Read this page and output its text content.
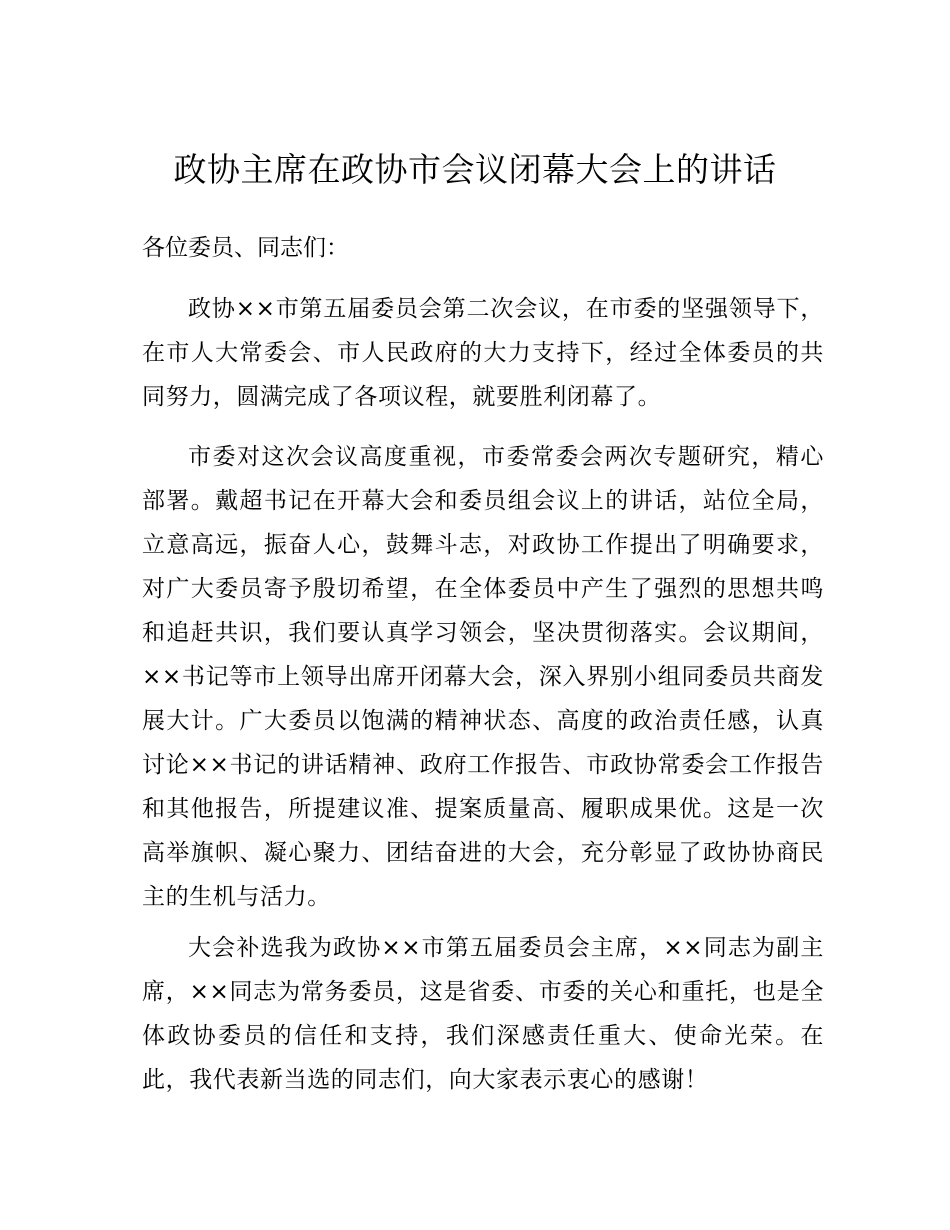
政协主席在政协市会议闭幕大会上的讲话

各位委员、同志们：

政协××市第五届委员会第二次会议，在市委的坚强领导下，在市人大常委会、市人民政府的大力支持下，经过全体委员的共同努力，圆满完成了各项议程，就要胜利闭幕了。

市委对这次会议高度重视，市委常委会两次专题研究，精心部署。戴超书记在开幕大会和委员组会议上的讲话，站位全局，立意高远，振奋人心，鼓舞斗志，对政协工作提出了明确要求，对广大委员寄予殷切希望，在全体委员中产生了强烈的思想共鸣和追赶共识，我们要认真学习领会，坚决贯彻落实。会议期间，××书记等市上领导出席开闭幕大会，深入界别小组同委员共商发展大计。广大委员以饱满的精神状态、高度的政治责任感，认真讨论××书记的讲话精神、政府工作报告、市政协常委会工作报告和其他报告，所提建议准、提案质量高、履职成果优。这是一次高举旗帜、凝心聚力、团结奋进的大会，充分彰显了政协协商民主的生机与活力。

大会补选我为政协××市第五届委员会主席，××同志为副主席，××同志为常务委员，这是省委、市委的关心和重托，也是全体政协委员的信任和支持，我们深感责任重大、使命光荣。在此，我代表新当选的同志们，向大家表示衷心的感谢！
